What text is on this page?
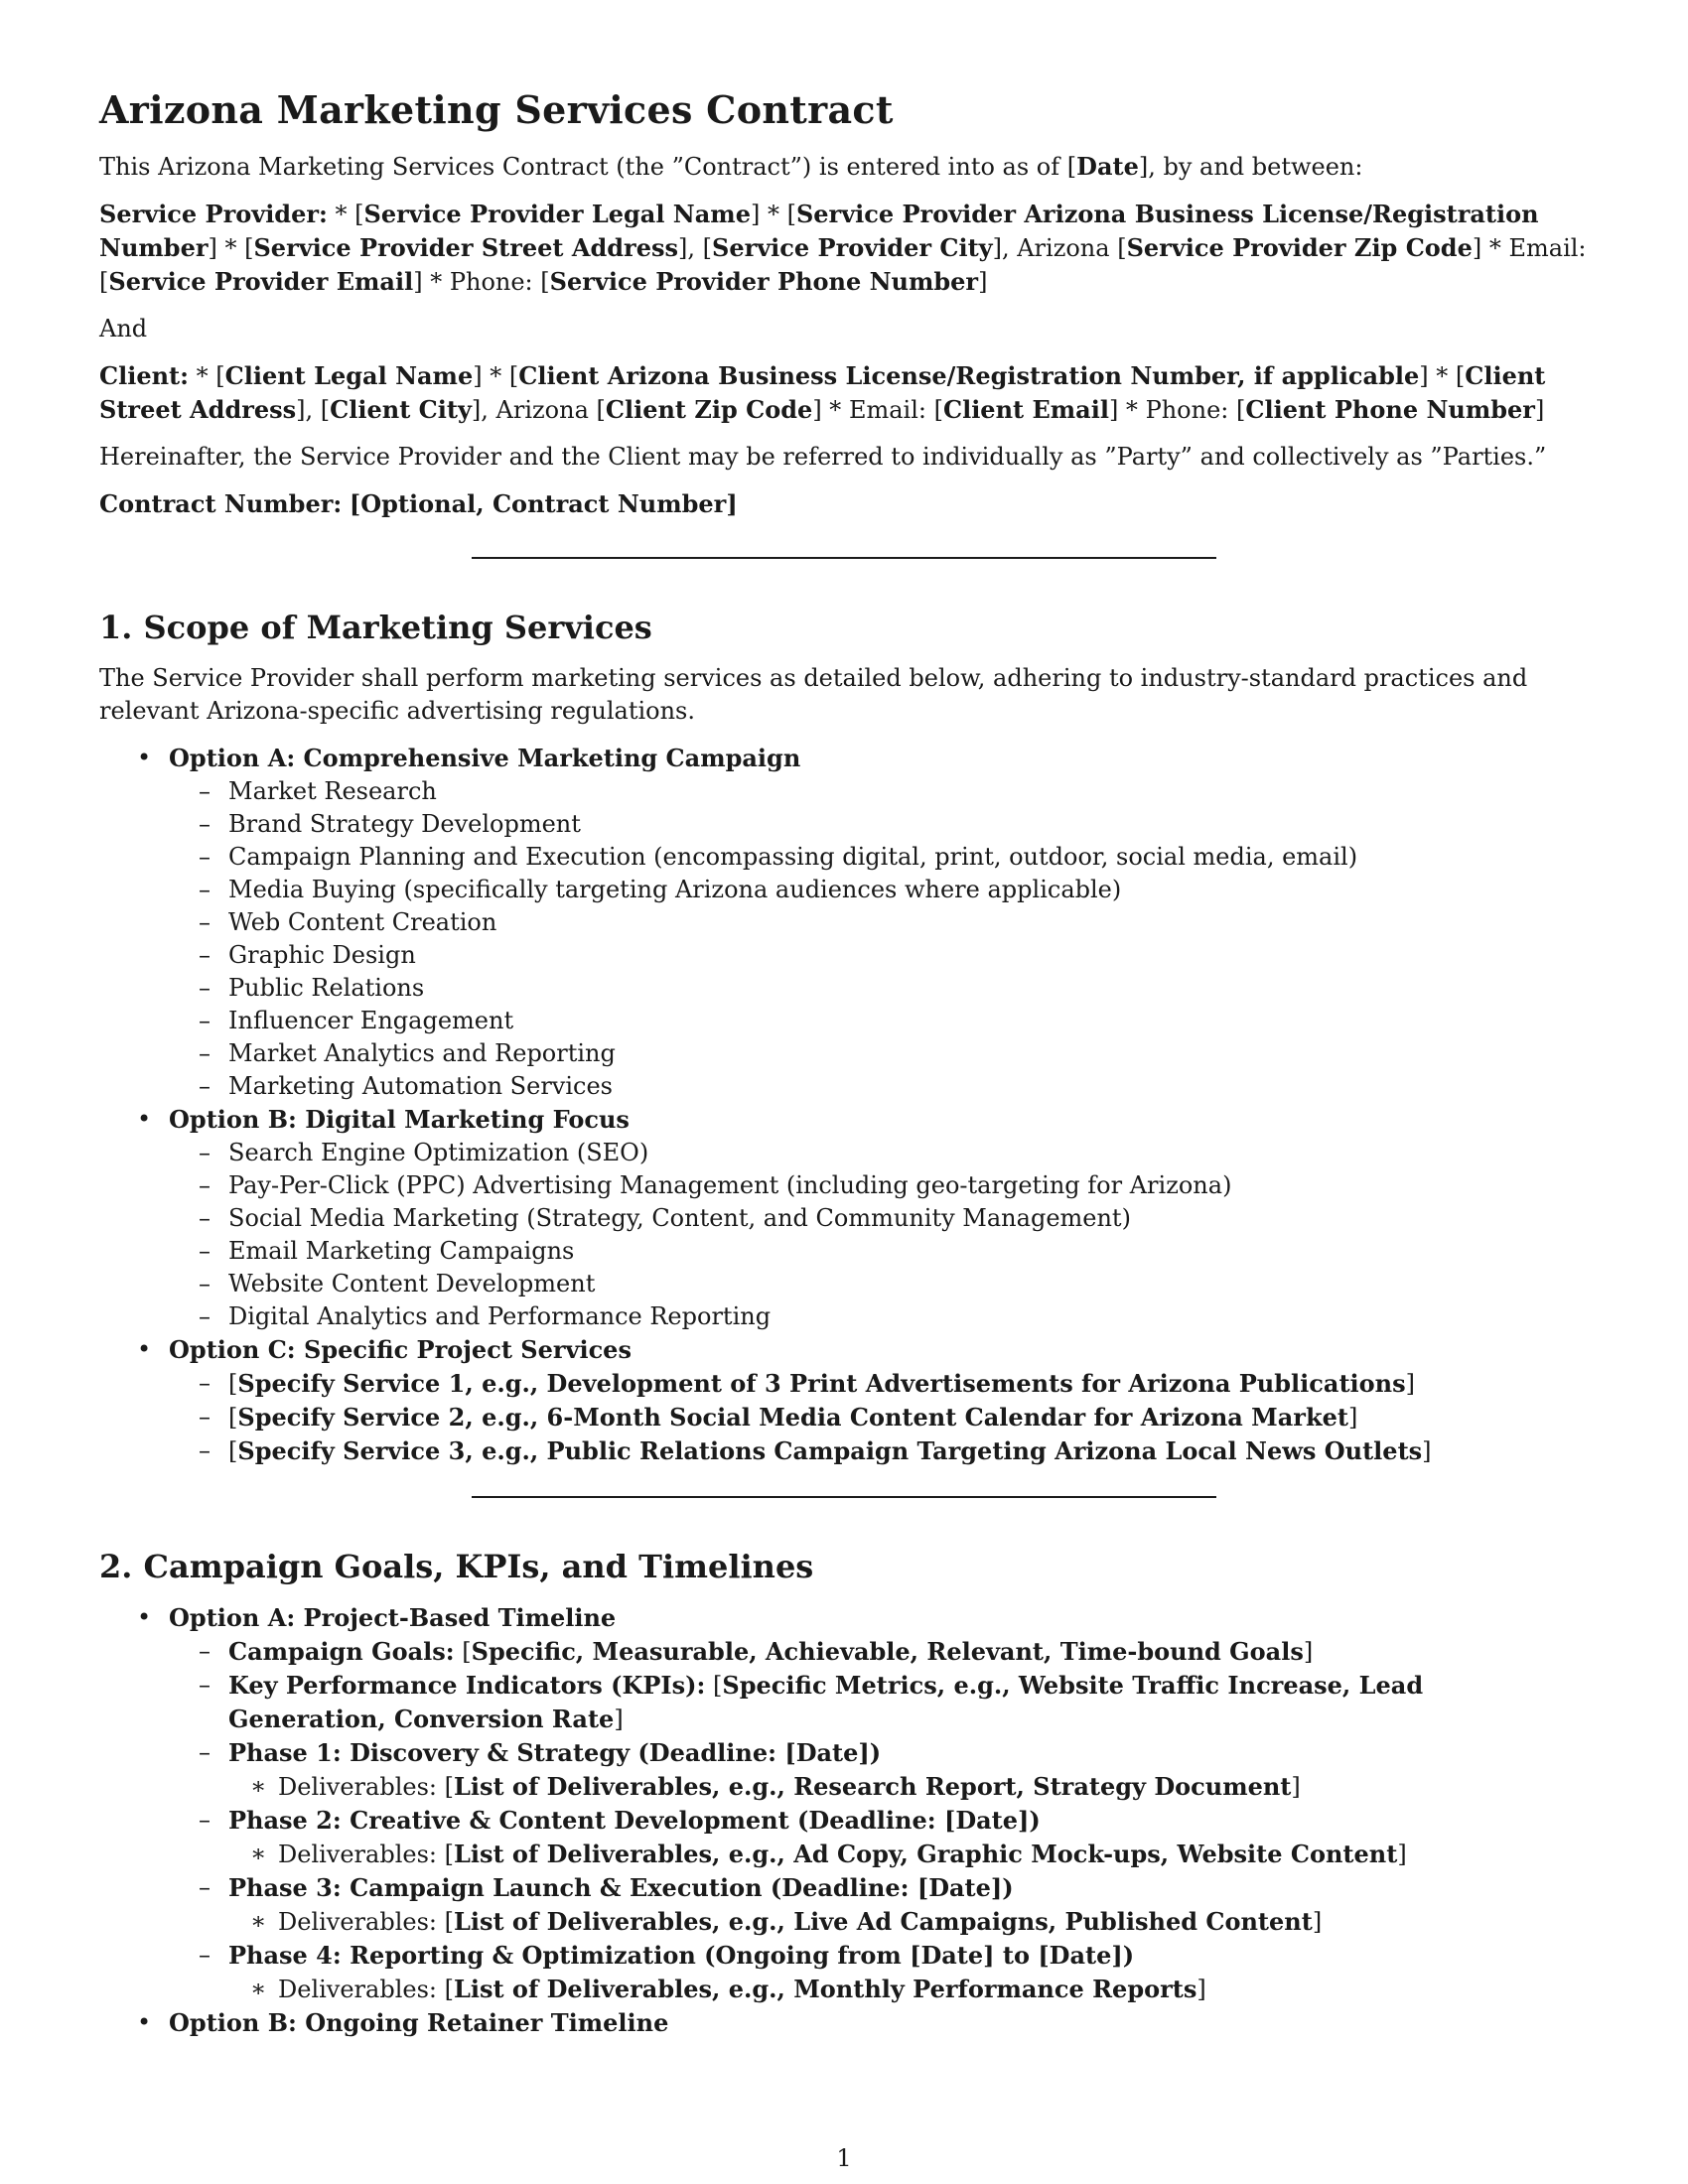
Arizona Marketing Services Contract

This Arizona Marketing Services Contract (the ”Contract”) is entered into as of [Date], by and between:

Service Provider: * [Service Provider Legal Name] * [Service Provider Arizona Business License/Registration Number] * [Service Provider Street Address], [Service Provider City], Arizona [Service Provider Zip Code] * Email: [Service Provider Email] * Phone: [Service Provider Phone Number]

And

Client: * [Client Legal Name] * [Client Arizona Business License/Registration Number, if applicable] * [Client Street Address], [Client City], Arizona [Client Zip Code] * Email: [Client Email] * Phone: [Client Phone Number]

Hereinafter, the Service Provider and the Client may be referred to individually as ”Party” and collectively as ”Parties.”

Contract Number: [Optional, Contract Number]

1. Scope of Marketing Services

The Service Provider shall perform marketing services as detailed below, adhering to industry-standard practices and relevant Arizona-specific advertising regulations.

• Option A: Comprehensive Marketing Campaign
– Market Research
– Brand Strategy Development
– Campaign Planning and Execution (encompassing digital, print, outdoor, social media, email)
– Media Buying (specifically targeting Arizona audiences where applicable)
– Web Content Creation
– Graphic Design
– Public Relations
– Influencer Engagement
– Market Analytics and Reporting
– Marketing Automation Services
• Option B: Digital Marketing Focus
– Search Engine Optimization (SEO)
– Pay-Per-Click (PPC) Advertising Management (including geo-targeting for Arizona)
– Social Media Marketing (Strategy, Content, and Community Management)
– Email Marketing Campaigns
– Website Content Development
– Digital Analytics and Performance Reporting
• Option C: Specific Project Services
– [Specify Service 1, e.g., Development of 3 Print Advertisements for Arizona Publications]
– [Specify Service 2, e.g., 6-Month Social Media Content Calendar for Arizona Market]
– [Specify Service 3, e.g., Public Relations Campaign Targeting Arizona Local News Outlets]
2. Campaign Goals, KPIs, and Timelines
• Option A: Project-Based Timeline
– Campaign Goals: [Specific, Measurable, Achievable, Relevant, Time-bound Goals]
– Key Performance Indicators (KPIs): [Specific Metrics, e.g., Website Traffic Increase, Lead Generation, Conversion Rate]
– Phase 1: Discovery & Strategy (Deadline: [Date])
∗ Deliverables: [List of Deliverables, e.g., Research Report, Strategy Document]
– Phase 2: Creative & Content Development (Deadline: [Date])
∗ Deliverables: [List of Deliverables, e.g., Ad Copy, Graphic Mock-ups, Website Content]
– Phase 3: Campaign Launch & Execution (Deadline: [Date])
∗ Deliverables: [List of Deliverables, e.g., Live Ad Campaigns, Published Content]
– Phase 4: Reporting & Optimization (Ongoing from [Date] to [Date])
∗ Deliverables: [List of Deliverables, e.g., Monthly Performance Reports]
• Option B: Ongoing Retainer Timeline
1
